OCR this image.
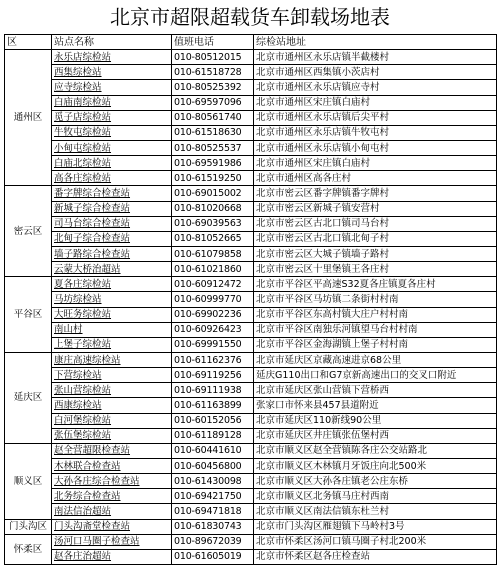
北京市超限超载货车卸载场地表
区	站点名称	值班电话	综检站地址
通州区	永乐店综检站	010-80512015	北京市通州区永乐店镇半截楼村
	西集综检站	010-61518728	北京市通州区西集镇小茨店村
	应寺综检站	010-80525392	北京市通州区永乐店镇应寺村
	白庙南综检站	010-69597096	北京市通州区宋庄镇白庙村
	觅子店综检站	010-80561740	北京市通州区永乐店镇后尖平村
	牛牧屯综检站	010-61518630	北京市通州区永乐店镇牛牧屯村
	小甸屯综检站	010-80525537	北京市通州区永乐店镇小甸屯村
	白庙北综检站	010-69591986	北京市通州区宋庄镇白庙村
	高各庄综检站	010-61519250	北京市通州区高各庄村
密云区	番字牌综合检查站	010-69015002	北京市密云区番字牌镇番字牌村
	新城子综合检查站	010-81020668	北京市密云区新城子镇安营村
	司马台综合检查站	010-69039563	北京市密云区古北口镇司马台村
	北甸子综合检查站	010-81052665	北京市密云区古北口镇北甸子村
	墙子路综合检查站	010-61079858	北京市密云区大城子镇墙子路村
	云蒙大桥治超站	010-61021860	北京市密云区十里堡镇王各庄村
平谷区	夏各庄综检站	010-60912472	北京市平谷区平高速S32夏各庄镇夏各庄村
	马坊综检站	010-60999770	北京市平谷区马坊镇二条街村村南
	大旺务综检站	010-69902236	北京市平谷区东高村镇大庄户村村南
	南山村	010-60926423	北京市平谷区南独乐河镇望马台村村南
	上堡子综检站	010-69991550	北京市平谷区金海湖镇上堡子村村南
延庆区	康庄高速综检站	010-61162376	北京市延庆区京藏高速进京68公里
	下营综检站	010-69119256	延庆G110出口和G7京新高速出口的交叉口附近
	张山营综检站	010-69111938	北京市延庆区张山营镇下营桥西
	西康综检站	010-61163899	张家口市怀来县457县道附近
	白河堡综检站	010-60152056	北京市延庆区110新线90公里
	张伍堡综检站	010-61189128	北京市延庆区井庄镇张伍堡村西
顺义区	赵全营超限检查站	010-60441610	北京市顺义区赵全营镇陈各庄公交站路北
	木林联合检查站	010-60456800	北京市顺义区木林镇月牙饭庄向北500米
	大孙各庄综合检查站	010-61430098	北京市顺义区大孙各庄镇老公庄东桥
	北务综合检查站	010-69421750	北京市顺义区北务镇马庄村西南
	南法信治超站	010-69471818	北京市顺义区南法信镇东杜兰村
门头沟区	门头沟斋堂检查站	010-61830743	北京市门头沟区雁翅镇下马岭村3号
怀柔区	汤河口马圈子检查站	010-89672039	北京市怀柔区汤河口镇马圈子村北200米
	赵各庄治超站	010-61605019	北京市怀柔区赵各庄检查站
